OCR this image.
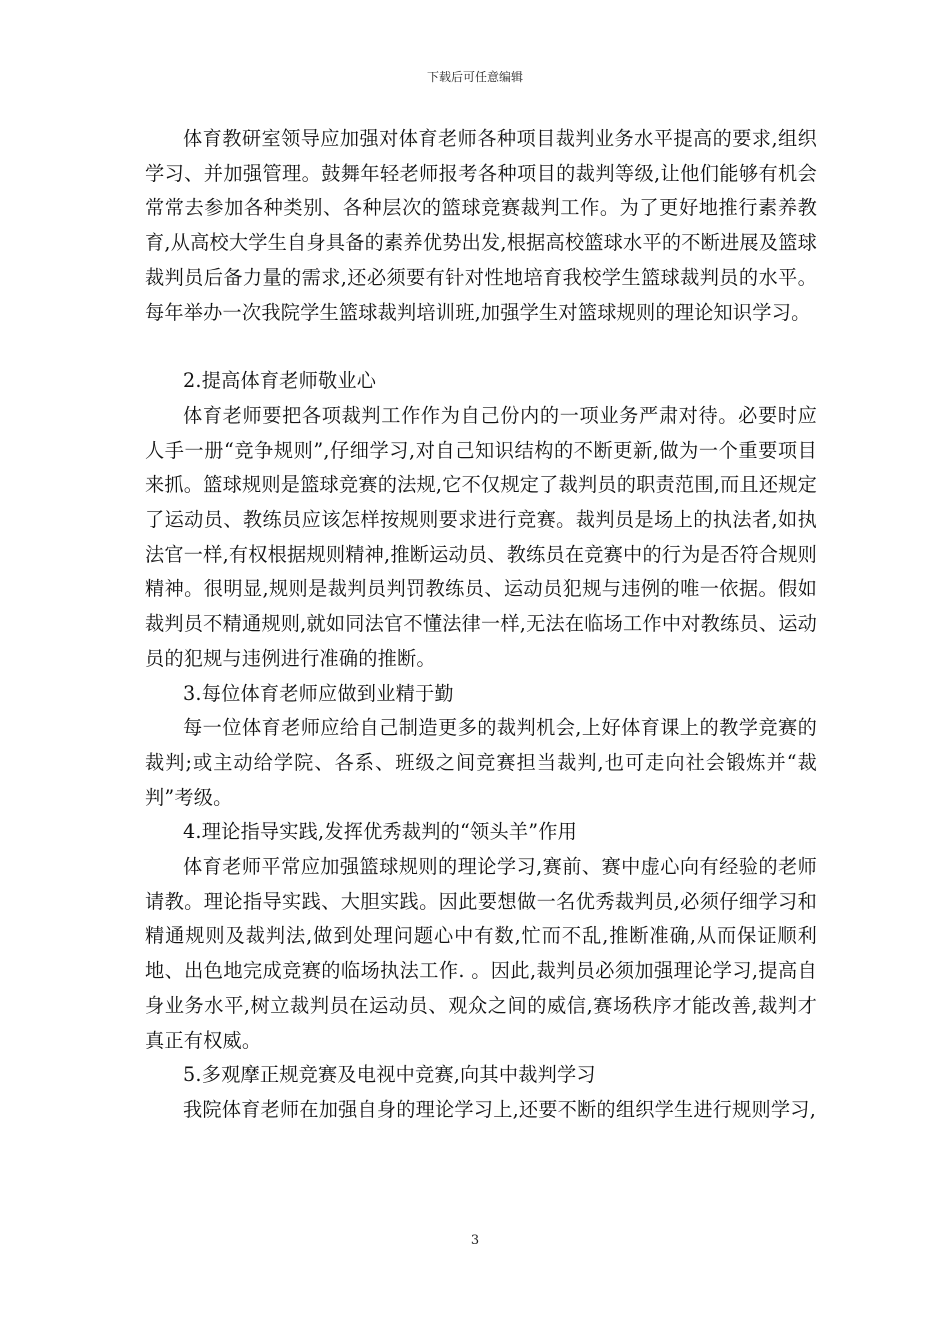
下载后可任意编辑

体育教研室领导应加强对体育老师各种项目裁判业务水平提高的要求,组织学习、并加强管理。鼓舞年轻老师报考各种项目的裁判等级,让他们能够有机会常常去参加各种类别、各种层次的篮球竞赛裁判工作。为了更好地推行素养教育,从高校大学生自身具备的素养优势出发,根据高校篮球水平的不断进展及篮球裁判员后备力量的需求,还必须要有针对性地培育我校学生篮球裁判员的水平。每年举办一次我院学生篮球裁判培训班,加强学生对篮球规则的理论知识学习。

2.提高体育老师敬业心

体育老师要把各项裁判工作作为自己份内的一项业务严肃对待。必要时应人手一册“竞争规则”,仔细学习,对自己知识结构的不断更新,做为一个重要项目来抓。篮球规则是篮球竞赛的法规,它不仅规定了裁判员的职责范围,而且还规定了运动员、教练员应该怎样按规则要求进行竞赛。裁判员是场上的执法者,如执法官一样,有权根据规则精神,推断运动员、教练员在竞赛中的行为是否符合规则精神。很明显,规则是裁判员判罚教练员、运动员犯规与违例的唯一依据。假如裁判员不精通规则,就如同法官不懂法律一样,无法在临场工作中对教练员、运动员的犯规与违例进行准确的推断。

3.每位体育老师应做到业精于勤

每一位体育老师应给自己制造更多的裁判机会,上好体育课上的教学竞赛的裁判;或主动给学院、各系、班级之间竞赛担当裁判,也可走向社会锻炼并“裁判”考级。

4.理论指导实践,发挥优秀裁判的“领头羊”作用

体育老师平常应加强篮球规则的理论学习,赛前、赛中虚心向有经验的老师请教。理论指导实践、大胆实践。因此要想做一名优秀裁判员,必须仔细学习和精通规则及裁判法,做到处理问题心中有数,忙而不乱,推断准确,从而保证顺利地、出色地完成竞赛的临场执法工作. 。因此,裁判员必须加强理论学习,提高自身业务水平,树立裁判员在运动员、观众之间的威信,赛场秩序才能改善,裁判才真正有权威。

5.多观摩正规竞赛及电视中竞赛,向其中裁判学习

我院体育老师在加强自身的理论学习上,还要不断的组织学生进行规则学习,

3
